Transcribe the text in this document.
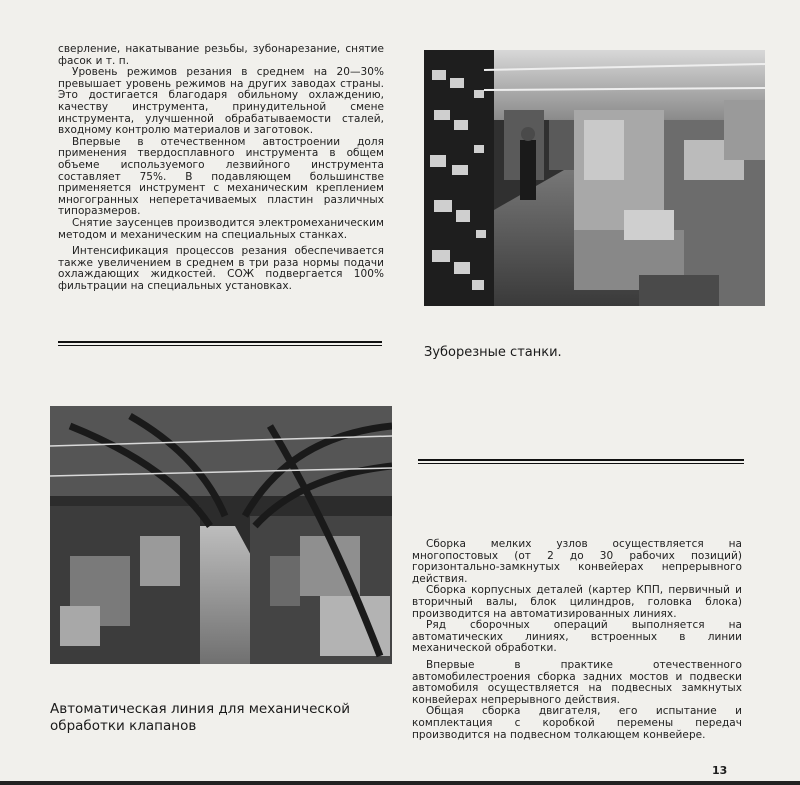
сверление, накатывание резьбы, зубонарезание, снятие фасок и т. п.

Уровень режимов резания в среднем на 20—30% превышает уровень режимов на других заводах страны. Это достигается благодаря обильному охлаждению, качеству инструмента, принудительной смене инструмента, улучшенной обрабатываемости сталей, входному контролю материалов и заготовок.

Впервые в отечественном автостроении доля применения твердосплавного инструмента в общем объеме используемого лезвийного инструмента составляет 75%. В подавляющем большинстве применяется инструмент с механическим креплением многогранных неперетачиваемых пластин различных типоразмеров.

Снятие заусенцев производится электромеханическим методом и механическим на специальных станках.

Интенсификация процессов резания обеспечивается также увеличением в среднем в три раза нормы подачи охлаждающих жидкостей. СОЖ подвергается 100% фильтрации на специальных установках.

Зуборезные станки.
Автоматическая линия для механической
обработки клапанов

Сборка мелких узлов осуществляется на многопостовых (от 2 до 30 рабочих позиций) горизонтально-замкнутых конвейерах непрерывного действия.

Сборка корпусных деталей (картер КПП, первичный и вторичный валы, блок цилиндров, головка блока) производится на автоматизированных линиях.

Ряд сборочных операций выполняется на автоматических линиях, встроенных в линии механической обработки.

Впервые в практике отечественного автомобилестроения сборка задних мостов и подвески автомобиля осуществляется на подвесных замкнутых конвейерах непрерывного действия.

Общая сборка двигателя, его испытание и комплектация с коробкой перемены передач производится на подвесном толкающем конвейере.

13
